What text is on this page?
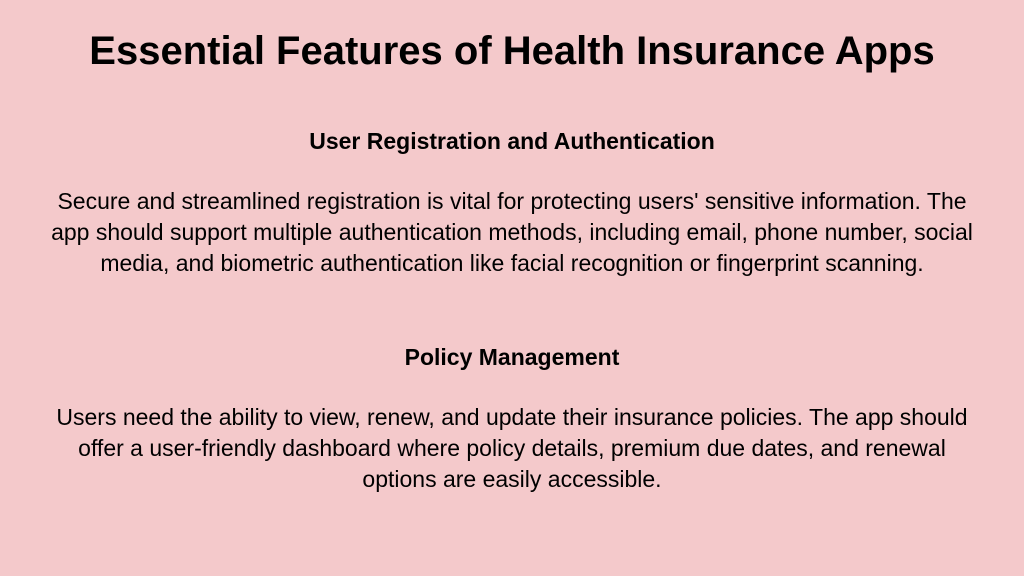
Essential Features of Health Insurance Apps
User Registration and Authentication

Secure and streamlined registration is vital for protecting users' sensitive information. The app should support multiple authentication methods, including email, phone number, social media, and biometric authentication like facial recognition or fingerprint scanning.

Policy Management

Users need the ability to view, renew, and update their insurance policies. The app should offer a user-friendly dashboard where policy details, premium due dates, and renewal options are easily accessible.
